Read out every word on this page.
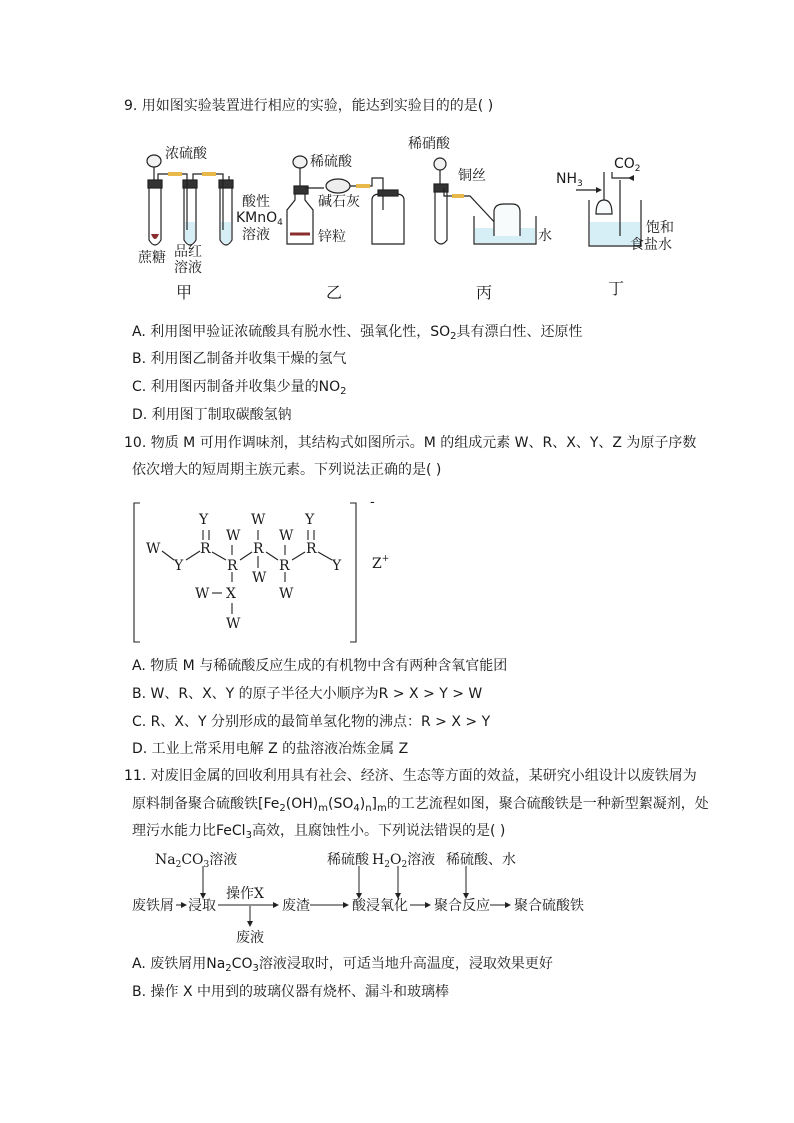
9. 用如图实验装置进行相应的实验，能达到实验目的的是( )
浓硫酸
蔗糖 品红
溶液
酸性
KMnO$_4$
溶液
稀硫酸
碱石灰
锌粒
稀硝酸
铜丝
水
$NH_3$
$CO_2$
饱和
食盐水
甲	乙	丙	丁
A. 利用图甲验证浓硫酸具有脱水性、强氧化性，$SO_2$具有漂白性、还原性
B. 利用图乙制备并收集干燥的氢气
C. 利用图丙制备并收集少量的$NO_2$
D. 利用图丁制取碳酸氢钠
10. 物质 M 可用作调味剂，其结构式如图所示。M 的组成元素 W、R、X、Y、Z 为原子序数
依次增大的短周期主族元素。下列说法正确的是( )
Y
W
W
W
Y
W	R	R	R
Y	R	R	Y
W
W X	W
W
-
Z+
A. 物质 M 与稀硫酸反应生成的有机物中含有两种含氧官能团
B. W、R、X、Y 的原子半径大小顺序为R > X > Y > W
C. R、X、Y 分别形成的最简单氢化物的沸点：R > X > Y
D. 工业上常采用电解 Z 的盐溶液冶炼金属 Z
11. 对废旧金属的回收利用具有社会、经济、生态等方面的效益，某研究小组设计以废铁屑为
原料制备聚合硫酸铁$[Fe_2(OH)_m(SO_4)_n]_m$的工艺流程如图，聚合硫酸铁是一种新型絮凝剂，处
理污水能力比FeCl$_3$高效，且腐蚀性小。下列说法错误的是( )
$Na_2CO_3$溶液
废铁屑 浸取
操作X
废液
废渣
稀硫酸 $H_2O_2$溶液
酸浸氧化
稀硫酸、水
聚合反应 聚合硫酸铁
A. 废铁屑用$Na_2CO_3$溶液浸取时，可适当地升高温度，浸取效果更好
B. 操作 X 中用到的玻璃仪器有烧杯、漏斗和玻璃棒
